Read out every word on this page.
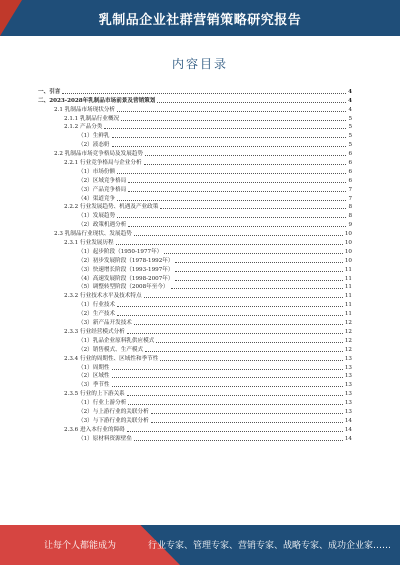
乳制品企业社群营销策略研究报告
内容目录
一、引言	4
二、2023-2028年乳制品市场前景及营销策划	4
2.1 乳制品市场现状分析	4
2.1.1 乳制品行业概况	5
2.1.2 产品分类	5
（1）生鲜乳	5
（2）液态奶	5
2.2 乳制品市场竞争格局及发展趋势	6
2.2.1 行业竞争格局与企业分析	6
（1）市场份额	6
（2）区域竞争格局	6
（3）产品竞争格局	7
（4）渠道竞争	7
2.2.2 行业发展趋势、机遇及产业政策	8
（1）发展趋势	8
（2）政策机遇分析	9
2.3 乳制品行业现状、发展趋势	10
2.3.1 行业发展历程	10
（1）起步阶段（1950-1977年）	10
（2）初步发展阶段（1978-1992年）	10
（3）快速增长阶段（1993-1997年）	11
（4）高速发展阶段（1998-2007年）	11
（5）调整转型阶段（2008年至今）	11
2.3.2 行业技术水平及技术特点	11
（1）行业技术	11
（2）生产技术	11
（3）新产品开发技术	12
2.3.3 行业经营模式分析	12
（1）乳品企业原料乳供应模式	12
（2）销售模式、生产模式	12
2.3.4 行业的周期性、区域性和季节性	13
（1）周期性	13
（2）区域性	13
（3）季节性	13
2.3.5 行业的上下游关系	13
（1）行业上游分析	13
（2）与上游行业的关联分析	13
（3）与下游行业的关联分析	14
2.3.6 进入本行业的障碍	14
（1）原材料资源壁垒	14
让每个人都能成为	行业专家、管理专家、营销专家、战略专家、成功企业家……
